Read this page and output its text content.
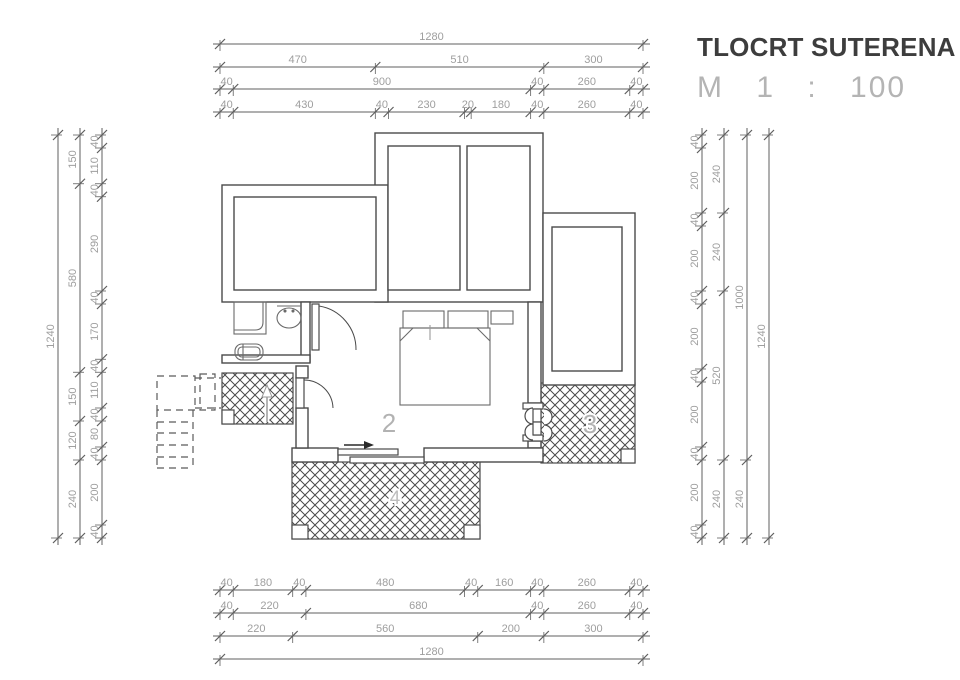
2	3
4
1280
470	510	300
40	900	40	260	40
40	430	40	230 20 180 40	260	40
40 180 40	480	40 160 40	260	40
40	220	680	40	260	40
220	560	200	300
1280
1240
150
580
150
120
240
40
110
40
290
40
170
40
110
40
80
40
200
40
40
200
40
200
40
200
40
200
40
200
40
240
240
520
240
1000
240
1240
TLOCRT SUTERENA
M 1 : 100
